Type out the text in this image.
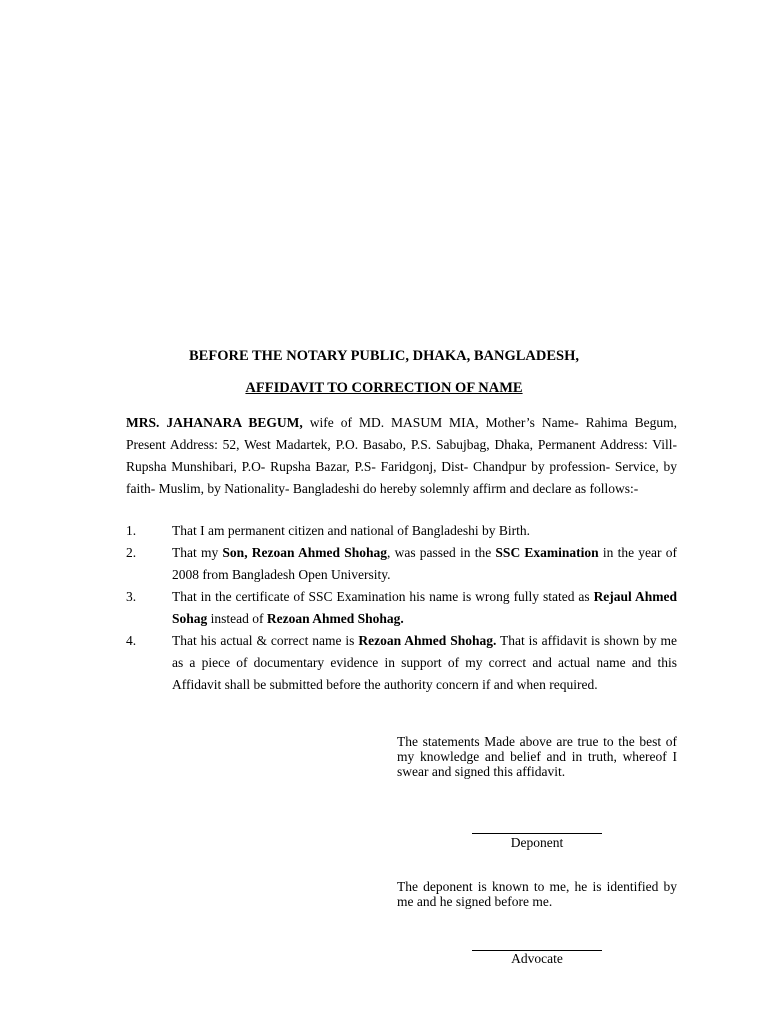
BEFORE THE NOTARY PUBLIC, DHAKA, BANGLADESH,
AFFIDAVIT TO CORRECTION OF NAME

MRS. JAHANARA BEGUM, wife of MD. MASUM MIA, Mother’s Name- Rahima Begum, Present Address: 52, West Madartek, P.O. Basabo, P.S. Sabujbag, Dhaka, Permanent Address: Vill- Rupsha Munshibari, P.O- Rupsha Bazar, P.S- Faridgonj, Dist- Chandpur by profession- Service, by faith- Muslim, by Nationality- Bangladeshi do hereby solemnly affirm and declare as follows:-

1.	That I am permanent citizen and national of Bangladeshi by Birth.
2.	That my Son, Rezoan Ahmed Shohag, was passed in the SSC Examination in the year of 2008 from Bangladesh Open University.
3.	That in the certificate of SSC Examination his name is wrong fully stated as Rejaul Ahmed Sohag instead of Rezoan Ahmed Shohag.
4.	That his actual & correct name is Rezoan Ahmed Shohag. That is affidavit is shown by me as a piece of documentary evidence in support of my correct and actual name and this Affidavit shall be submitted before the authority concern if and when required.

The statements Made above are true to the best of my knowledge and belief and in truth, whereof I swear and signed this affidavit.

Deponent

The deponent is known to me, he is identified by me and he signed before me.

Advocate
